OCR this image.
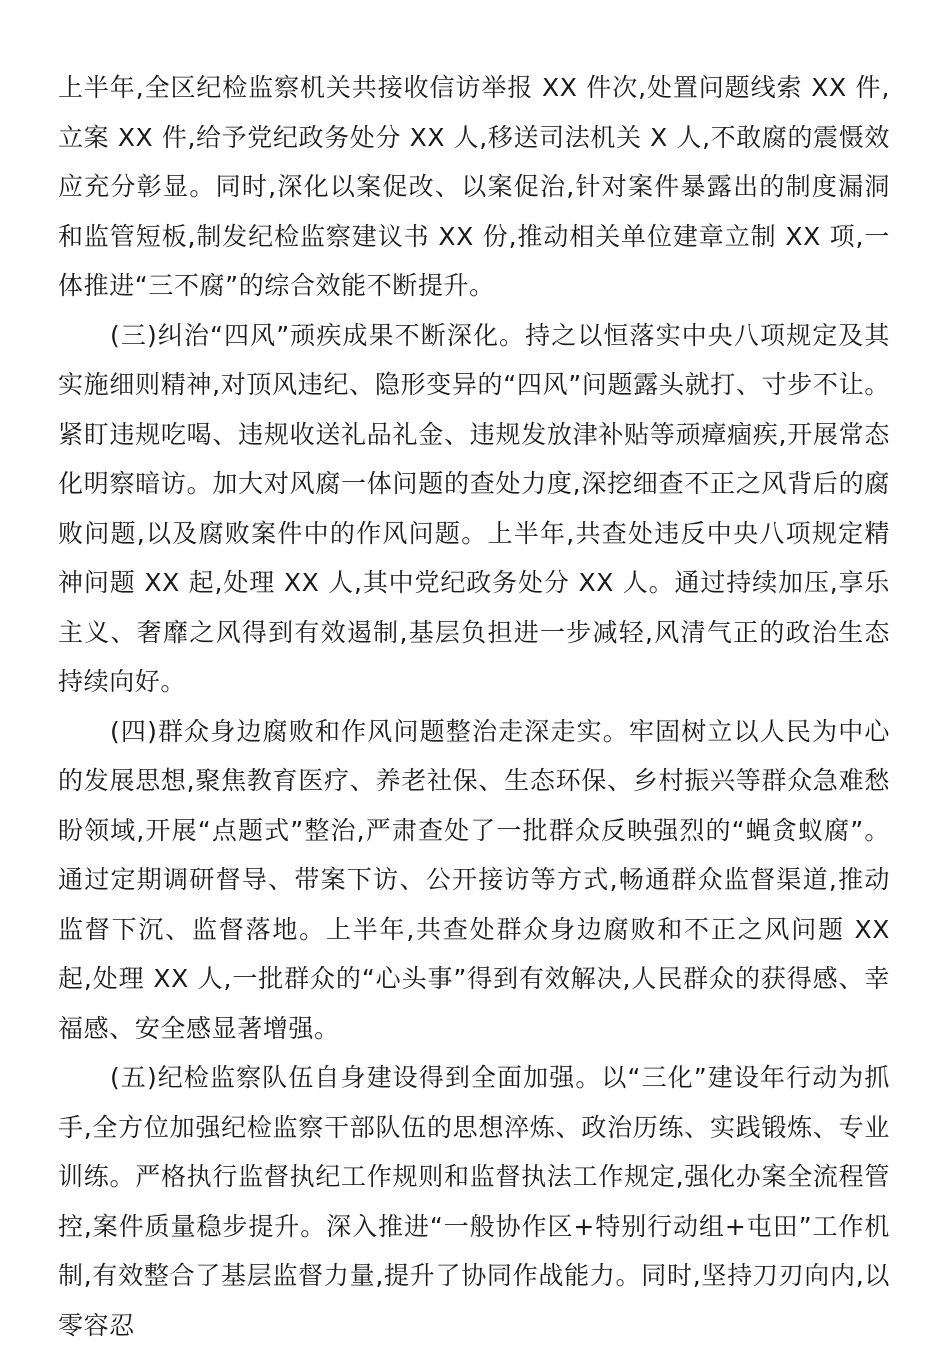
上半年,全区纪检监察机关共接收信访举报 XX 件次,处置问题线索 XX 件,立案 XX 件,给予党纪政务处分 XX 人,移送司法机关 X 人,不敢腐的震慑效应充分彰显。同时,深化以案促改、以案促治,针对案件暴露出的制度漏洞和监管短板,制发纪检监察建议书 XX 份,推动相关单位建章立制 XX 项,一体推进“三不腐”的综合效能不断提升。

(三)纠治“四风”顽疾成果不断深化。持之以恒落实中央八项规定及其实施细则精神,对顶风违纪、隐形变异的“四风”问题露头就打、寸步不让。紧盯违规吃喝、违规收送礼品礼金、违规发放津补贴等顽瘴痼疾,开展常态化明察暗访。加大对风腐一体问题的查处力度,深挖细查不正之风背后的腐败问题,以及腐败案件中的作风问题。上半年,共查处违反中央八项规定精神问题 XX 起,处理 XX 人,其中党纪政务处分 XX 人。通过持续加压,享乐主义、奢靡之风得到有效遏制,基层负担进一步减轻,风清气正的政治生态持续向好。

(四)群众身边腐败和作风问题整治走深走实。牢固树立以人民为中心的发展思想,聚焦教育医疗、养老社保、生态环保、乡村振兴等群众急难愁盼领域,开展“点题式”整治,严肃查处了一批群众反映强烈的“蝇贪蚁腐”。通过定期调研督导、带案下访、公开接访等方式,畅通群众监督渠道,推动监督下沉、监督落地。上半年,共查处群众身边腐败和不正之风问题 XX 起,处理 XX 人,一批群众的“心头事”得到有效解决,人民群众的获得感、幸福感、安全感显著增强。

(五)纪检监察队伍自身建设得到全面加强。以“三化”建设年行动为抓手,全方位加强纪检监察干部队伍的思想淬炼、政治历练、实践锻炼、专业训练。严格执行监督执纪工作规则和监督执法工作规定,强化办案全流程管控,案件质量稳步提升。深入推进“一般协作区+特别行动组+屯田”工作机制,有效整合了基层监督力量,提升了协同作战能力。同时,坚持刀刃向内,以零容忍
